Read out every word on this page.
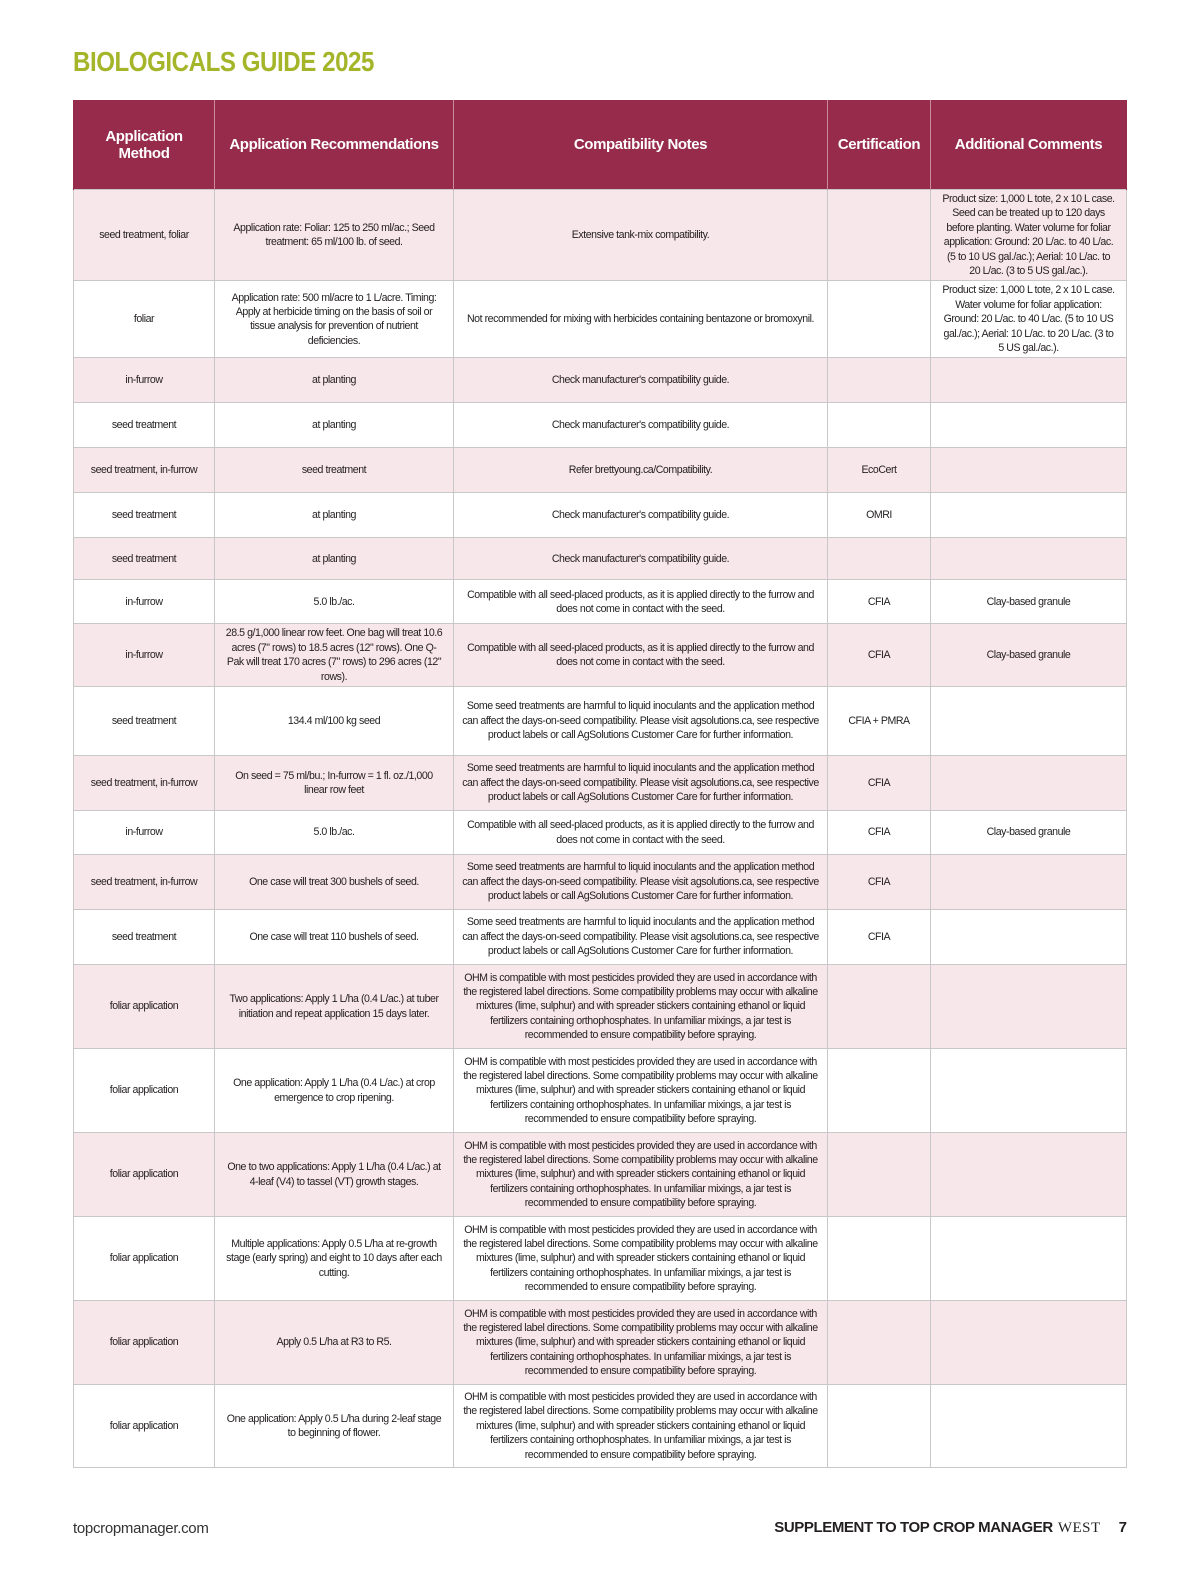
BIOLOGICALS GUIDE 2025
Application Method	Application Recommendations	Compatibility Notes	Certification	Additional Comments
seed treatment, foliar	Application rate: Foliar: 125 to 250 ml/ac.; Seed treatment: 65 ml/100 lb. of seed.	Extensive tank-mix compatibility.		Product size: 1,000 L tote, 2 x 10 L case. Seed can be treated up to 120 days before planting. Water volume for foliar application: Ground: 20 L/ac. to 40 L/ac. (5 to 10 US gal./ac.); Aerial: 10 L/ac. to 20 L/ac. (3 to 5 US gal./ac.).
foliar	Application rate: 500 ml/acre to 1 L/acre. Timing: Apply at herbicide timing on the basis of soil or tissue analysis for prevention of nutrient deficiencies.	Not recommended for mixing with herbicides containing bentazone or bromoxynil.		Product size: 1,000 L tote, 2 x 10 L case. Water volume for foliar application: Ground: 20 L/ac. to 40 L/ac. (5 to 10 US gal./ac.); Aerial: 10 L/ac. to 20 L/ac. (3 to 5 US gal./ac.).
in-furrow	at planting	Check manufacturer's compatibility guide.		
seed treatment	at planting	Check manufacturer's compatibility guide.		
seed treatment, in-furrow	seed treatment	Refer brettyoung.ca/Compatibility.	EcoCert	
seed treatment	at planting	Check manufacturer's compatibility guide.	OMRI	
seed treatment	at planting	Check manufacturer's compatibility guide.		
in-furrow	5.0 lb./ac.	Compatible with all seed-placed products, as it is applied directly to the furrow and does not come in contact with the seed.	CFIA	Clay-based granule
in-furrow	28.5 g/1,000 linear row feet. One bag will treat 10.6 acres (7" rows) to 18.5 acres (12" rows). One Q-Pak will treat 170 acres (7" rows) to 296 acres (12" rows).	Compatible with all seed-placed products, as it is applied directly to the furrow and does not come in contact with the seed.	CFIA	Clay-based granule
seed treatment	134.4 ml/100 kg seed	Some seed treatments are harmful to liquid inoculants and the application method can affect the days-on-seed compatibility. Please visit agsolutions.ca, see respective product labels or call AgSolutions Customer Care for further information.	CFIA + PMRA	
seed treatment, in-furrow	On seed = 75 ml/bu.; In-furrow = 1 fl. oz./1,000 linear row feet	Some seed treatments are harmful to liquid inoculants and the application method can affect the days-on-seed compatibility. Please visit agsolutions.ca, see respective product labels or call AgSolutions Customer Care for further information.	CFIA	
in-furrow	5.0 lb./ac.	Compatible with all seed-placed products, as it is applied directly to the furrow and does not come in contact with the seed.	CFIA	Clay-based granule
seed treatment, in-furrow	One case will treat 300 bushels of seed.	Some seed treatments are harmful to liquid inoculants and the application method can affect the days-on-seed compatibility. Please visit agsolutions.ca, see respective product labels or call AgSolutions Customer Care for further information.	CFIA	
seed treatment	One case will treat 110 bushels of seed.	Some seed treatments are harmful to liquid inoculants and the application method can affect the days-on-seed compatibility. Please visit agsolutions.ca, see respective product labels or call AgSolutions Customer Care for further information.	CFIA	
foliar application	Two applications: Apply 1 L/ha (0.4 L/ac.) at tuber initiation and repeat application 15 days later.	OHM is compatible with most pesticides provided they are used in accordance with the registered label directions. Some compatibility problems may occur with alkaline mixtures (lime, sulphur) and with spreader stickers containing ethanol or liquid fertilizers containing orthophosphates. In unfamiliar mixings, a jar test is recommended to ensure compatibility before spraying.		
foliar application	One application: Apply 1 L/ha (0.4 L/ac.) at crop emergence to crop ripening.	OHM is compatible with most pesticides provided they are used in accordance with the registered label directions. Some compatibility problems may occur with alkaline mixtures (lime, sulphur) and with spreader stickers containing ethanol or liquid fertilizers containing orthophosphates. In unfamiliar mixings, a jar test is recommended to ensure compatibility before spraying.		
foliar application	One to two applications: Apply 1 L/ha (0.4 L/ac.) at 4-leaf (V4) to tassel (VT) growth stages.	OHM is compatible with most pesticides provided they are used in accordance with the registered label directions. Some compatibility problems may occur with alkaline mixtures (lime, sulphur) and with spreader stickers containing ethanol or liquid fertilizers containing orthophosphates. In unfamiliar mixings, a jar test is recommended to ensure compatibility before spraying.		
foliar application	Multiple applications: Apply 0.5 L/ha at re-growth stage (early spring) and eight to 10 days after each cutting.	OHM is compatible with most pesticides provided they are used in accordance with the registered label directions. Some compatibility problems may occur with alkaline mixtures (lime, sulphur) and with spreader stickers containing ethanol or liquid fertilizers containing orthophosphates. In unfamiliar mixings, a jar test is recommended to ensure compatibility before spraying.		
foliar application	Apply 0.5 L/ha at R3 to R5.	OHM is compatible with most pesticides provided they are used in accordance with the registered label directions. Some compatibility problems may occur with alkaline mixtures (lime, sulphur) and with spreader stickers containing ethanol or liquid fertilizers containing orthophosphates. In unfamiliar mixings, a jar test is recommended to ensure compatibility before spraying.		
foliar application	One application: Apply 0.5 L/ha during 2-leaf stage to beginning of flower.	OHM is compatible with most pesticides provided they are used in accordance with the registered label directions. Some compatibility problems may occur with alkaline mixtures (lime, sulphur) and with spreader stickers containing ethanol or liquid fertilizers containing orthophosphates. In unfamiliar mixings, a jar test is recommended to ensure compatibility before spraying.		
topcropmanager.com	SUPPLEMENT TO TOP CROP MANAGER WEST 7
